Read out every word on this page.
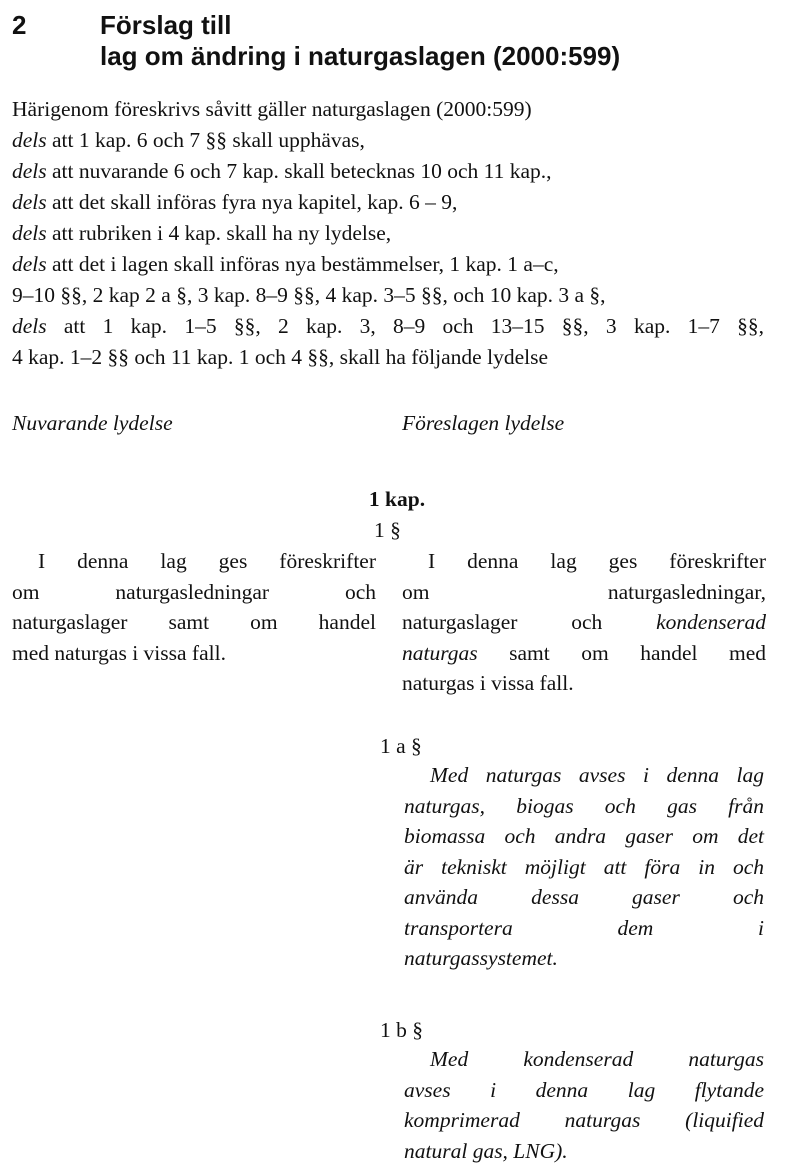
2	Förslag till
lag om ändring i naturgaslagen (2000:599)
Härigenom föreskrivs såvitt gäller naturgaslagen (2000:599)
dels att 1 kap. 6 och 7 §§ skall upphävas,
dels att nuvarande 6 och 7 kap. skall betecknas 10 och 11 kap.,
dels att det skall införas fyra nya kapitel, kap. 6 – 9,
dels att rubriken i 4 kap. skall ha ny lydelse,
dels att det i lagen skall införas nya bestämmelser, 1 kap. 1 a–c,
9–10 §§, 2 kap 2 a §, 3 kap. 8–9 §§, 4 kap. 3–5 §§, och 10 kap. 3 a §,
dels att 1 kap. 1–5 §§, 2 kap. 3, 8–9 och 13–15 §§, 3 kap. 1–7 §§,
4 kap. 1–2 §§ och 11 kap. 1 och 4 §§, skall ha följande lydelse
Nuvarande lydelse	Föreslagen lydelse
1 kap.
1 §
I denna lag ges föreskrifter
om naturgasledningar och
naturgaslager samt om handel
med naturgas i vissa fall.
I denna lag ges föreskrifter
om naturgasledningar,
naturgaslager och kondenserad
naturgas samt om handel med
naturgas i vissa fall.
1 a §
Med naturgas avses i denna lag
naturgas, biogas och gas från
biomassa och andra gaser om det
är tekniskt möjligt att föra in och
använda dessa gaser och
transportera dem i
naturgassystemet.
1 b §
Med kondenserad naturgas
avses i denna lag flytande
komprimerad naturgas (liquified
natural gas, LNG).
